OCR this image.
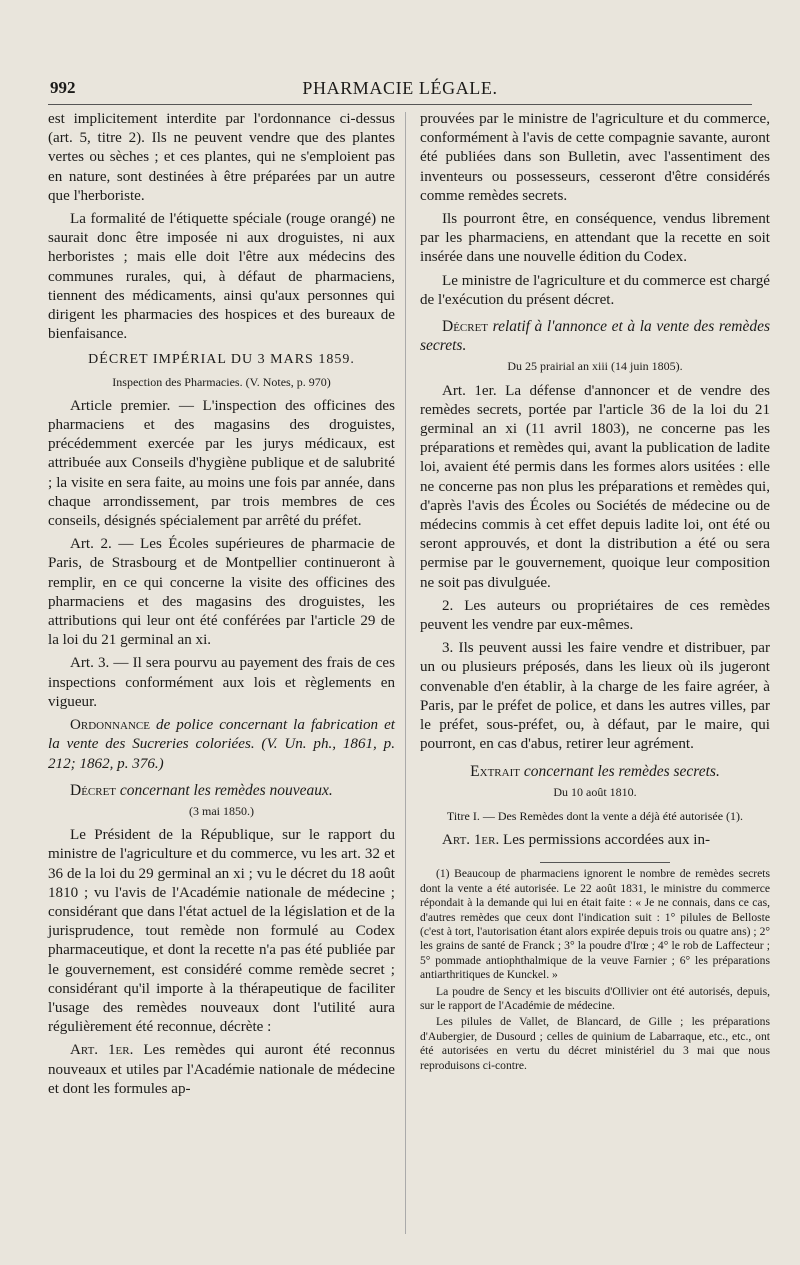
992	PHARMACIE LÉGALE.

est implicitement interdite par l'ordonnance ci-dessus (art. 5, titre 2). Ils ne peuvent vendre que des plantes vertes ou sèches ; et ces plantes, qui ne s'emploient pas en nature, sont destinées à être préparées par un autre que l'herboriste.

La formalité de l'étiquette spéciale (rouge orangé) ne saurait donc être imposée ni aux droguistes, ni aux herboristes ; mais elle doit l'être aux médecins des communes rurales, qui, à défaut de pharmaciens, tiennent des médicaments, ainsi qu'aux personnes qui dirigent les pharmacies des hospices et des bureaux de bienfaisance.

DÉCRET IMPÉRIAL DU 3 MARS 1859.

Inspection des Pharmacies. (V. Notes, p. 970)

Article premier. — L'inspection des officines des pharmaciens et des magasins des droguistes, précédemment exercée par les jurys médicaux, est attribuée aux Conseils d'hygiène publique et de salubrité ; la visite en sera faite, au moins une fois par année, dans chaque arrondissement, par trois membres de ces conseils, désignés spécialement par arrêté du préfet.

Art. 2. — Les Écoles supérieures de pharmacie de Paris, de Strasbourg et de Montpellier continueront à remplir, en ce qui concerne la visite des officines des pharmaciens et des magasins des droguistes, les attributions qui leur ont été conférées par l'article 29 de la loi du 21 germinal an xi.

Art. 3. — Il sera pourvu au payement des frais de ces inspections conformément aux lois et règlements en vigueur.

Ordonnance de police concernant la fabrication et la vente des Sucreries coloriées. (V. Un. ph., 1861, p. 212; 1862, p. 376.)

Décret concernant les remèdes nouveaux.

(3 mai 1850.)

Le Président de la République, sur le rapport du ministre de l'agriculture et du commerce, vu les art. 32 et 36 de la loi du 29 germinal an xi ; vu le décret du 18 août 1810 ; vu l'avis de l'Académie nationale de médecine ; considérant que dans l'état actuel de la législation et de la jurisprudence, tout remède non formulé au Codex pharmaceutique, et dont la recette n'a pas été publiée par le gouvernement, est considéré comme remède secret ; considérant qu'il importe à la thérapeutique de faciliter l'usage des remèdes nouveaux dont l'utilité aura régulièrement été reconnue, décrète :

Art. 1er. Les remèdes qui auront été reconnus nouveaux et utiles par l'Académie nationale de médecine et dont les formules ap-

prouvées par le ministre de l'agriculture et du commerce, conformément à l'avis de cette compagnie savante, auront été publiées dans son Bulletin, avec l'assentiment des inventeurs ou possesseurs, cesseront d'être considérés comme remèdes secrets.

Ils pourront être, en conséquence, vendus librement par les pharmaciens, en attendant que la recette en soit insérée dans une nouvelle édition du Codex.

Le ministre de l'agriculture et du commerce est chargé de l'exécution du présent décret.

Décret relatif à l'annonce et à la vente des remèdes secrets.

Du 25 prairial an xiii (14 juin 1805).

Art. 1er. La défense d'annoncer et de vendre des remèdes secrets, portée par l'article 36 de la loi du 21 germinal an xi (11 avril 1803), ne concerne pas les préparations et remèdes qui, avant la publication de ladite loi, avaient été permis dans les formes alors usitées : elle ne concerne pas non plus les préparations et remèdes qui, d'après l'avis des Écoles ou Sociétés de médecine ou de médecins commis à cet effet depuis ladite loi, ont été ou seront approuvés, et dont la distribution a été ou sera permise par le gouvernement, quoique leur composition ne soit pas divulguée.

2. Les auteurs ou propriétaires de ces remèdes peuvent les vendre par eux-mêmes.

3. Ils peuvent aussi les faire vendre et distribuer, par un ou plusieurs préposés, dans les lieux où ils jugeront convenable d'en établir, à la charge de les faire agréer, à Paris, par le préfet de police, et dans les autres villes, par le préfet, sous-préfet, ou, à défaut, par le maire, qui pourront, en cas d'abus, retirer leur agrément.

Extrait concernant les remèdes secrets.

Du 10 août 1810.

Titre I. — Des Remèdes dont la vente a déjà été autorisée (1).

Art. 1er. Les permissions accordées aux in-

(1) Beaucoup de pharmaciens ignorent le nombre de remèdes secrets dont la vente a été autorisée. Le 22 août 1831, le ministre du commerce répondait à la demande qui lui en était faite : « Je ne connais, dans ce cas, d'autres remèdes que ceux dont l'indication suit : 1° pilules de Belloste (c'est à tort, l'autorisation étant alors expirée depuis trois ou quatre ans) ; 2° les grains de santé de Franck ; 3° la poudre d'Irœ ; 4° le rob de Laffecteur ; 5° pommade antiophthalmique de la veuve Farnier ; 6° les préparations antiarthritiques de Kunckel. »

La poudre de Sency et les biscuits d'Ollivier ont été autorisés, depuis, sur le rapport de l'Académie de médecine.

Les pilules de Vallet, de Blancard, de Gille ; les préparations d'Aubergier, de Dusourd ; celles de quinium de Labarraque, etc., etc., ont été autorisées en vertu du décret ministériel du 3 mai que nous reproduisons ci-contre.
